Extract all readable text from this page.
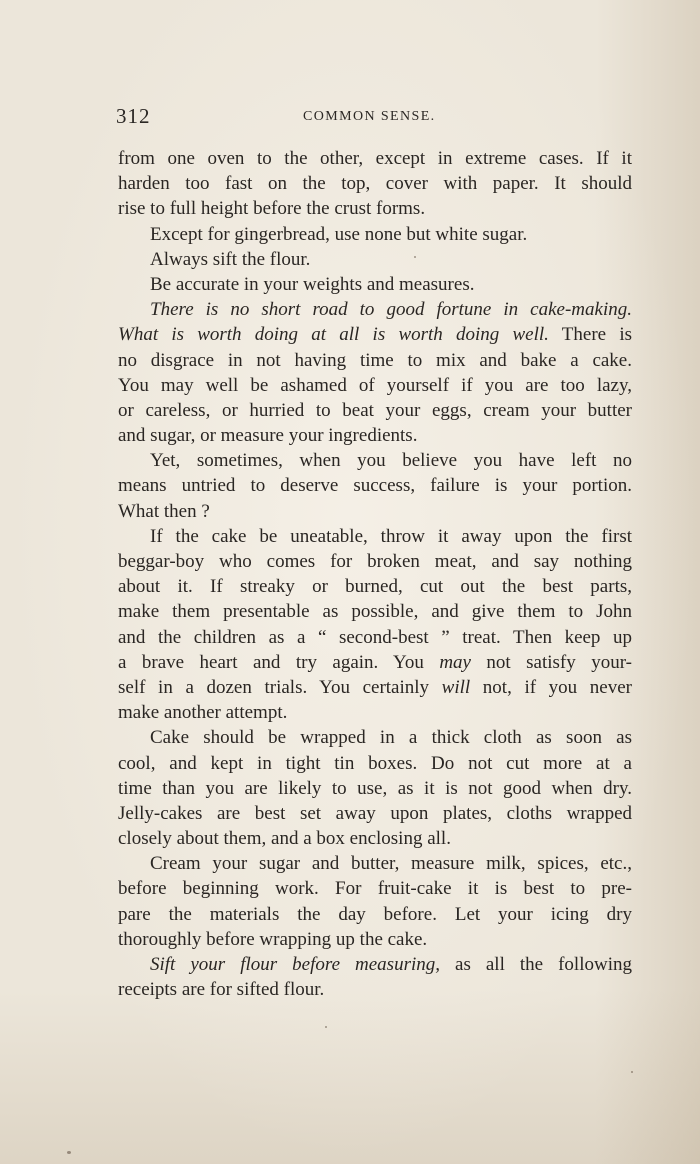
312	COMMON SENSE.
from one oven to the other, except in extreme cases. If it
harden too fast on the top, cover with paper. It should
rise to full height before the crust forms.
Except for gingerbread, use none but white sugar.
Always sift the flour.
Be accurate in your weights and measures.
There is no short road to good fortune in cake-making.
What is worth doing at all is worth doing well. There is
no disgrace in not having time to mix and bake a cake.
You may well be ashamed of yourself if you are too lazy,
or careless, or hurried to beat your eggs, cream your butter
and sugar, or measure your ingredients.
Yet, sometimes, when you believe you have left no
means untried to deserve success, failure is your portion.
What then ?
If the cake be uneatable, throw it away upon the first
beggar-boy who comes for broken meat, and say nothing
about it. If streaky or burned, cut out the best parts,
make them presentable as possible, and give them to John
and the children as a “ second-best ” treat. Then keep up
a brave heart and try again. You may not satisfy your-
self in a dozen trials. You certainly will not, if you never
make another attempt.
Cake should be wrapped in a thick cloth as soon as
cool, and kept in tight tin boxes. Do not cut more at a
time than you are likely to use, as it is not good when dry.
Jelly-cakes are best set away upon plates, cloths wrapped
closely about them, and a box enclosing all.
Cream your sugar and butter, measure milk, spices, etc.,
before beginning work. For fruit-cake it is best to pre-
pare the materials the day before. Let your icing dry
thoroughly before wrapping up the cake.
Sift your flour before measuring, as all the following
receipts are for sifted flour.
